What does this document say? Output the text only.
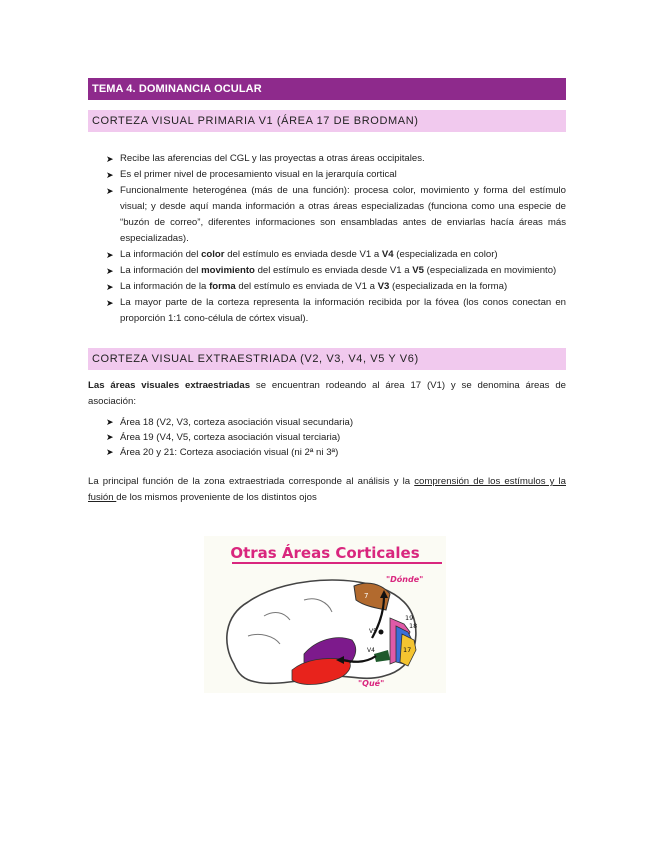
TEMA 4. DOMINANCIA OCULAR
CORTEZA VISUAL PRIMARIA V1 (ÁREA 17 DE BRODMAN)
➤ Recibe las aferencias del CGL y las proyectas a otras áreas occipitales.
➤ Es el primer nivel de procesamiento visual en la jerarquía cortical
➤ Funcionalmente heterogénea (más de una función): procesa color, movimiento y forma del estímulo visual; y desde aquí manda información a otras áreas especializadas (funciona como una especie de “buzón de correo”, diferentes informaciones son ensambladas antes de enviarlas hacía áreas más especializadas).
➤ La información del color del estímulo es enviada desde V1 a V4 (especializada en color)
➤ La información del movimiento del estímulo es enviada desde V1 a V5 (especializada en movimiento)
➤ La información de la forma del estímulo es enviada de V1 a V3 (especializada en la forma)
➤ La mayor parte de la corteza representa la información recibida por la fóvea (los conos conectan en proporción 1:1 cono-célula de córtex visual).
CORTEZA VISUAL EXTRAESTRIADA (V2, V3, V4, V5 Y V6)

Las áreas visuales extraestriadas se encuentran rodeando al área 17 (V1) y se denomina áreas de asociación:

➤ Área 18 (V2, V3, corteza asociación visual secundaria)
➤ Área 19 (V4, V5, corteza asociación visual terciaria)
➤ Área 20 y 21: Corteza asociación visual (ni 2ª ni 3ª)

La principal función de la zona extraestriada corresponde al análisis y la comprensión de los estímulos y la fusión de los mismos proveniente de los distintos ojos

Otras Áreas Corticales
7
19
18
17
V5
V4
"Dónde"
"Qué"
